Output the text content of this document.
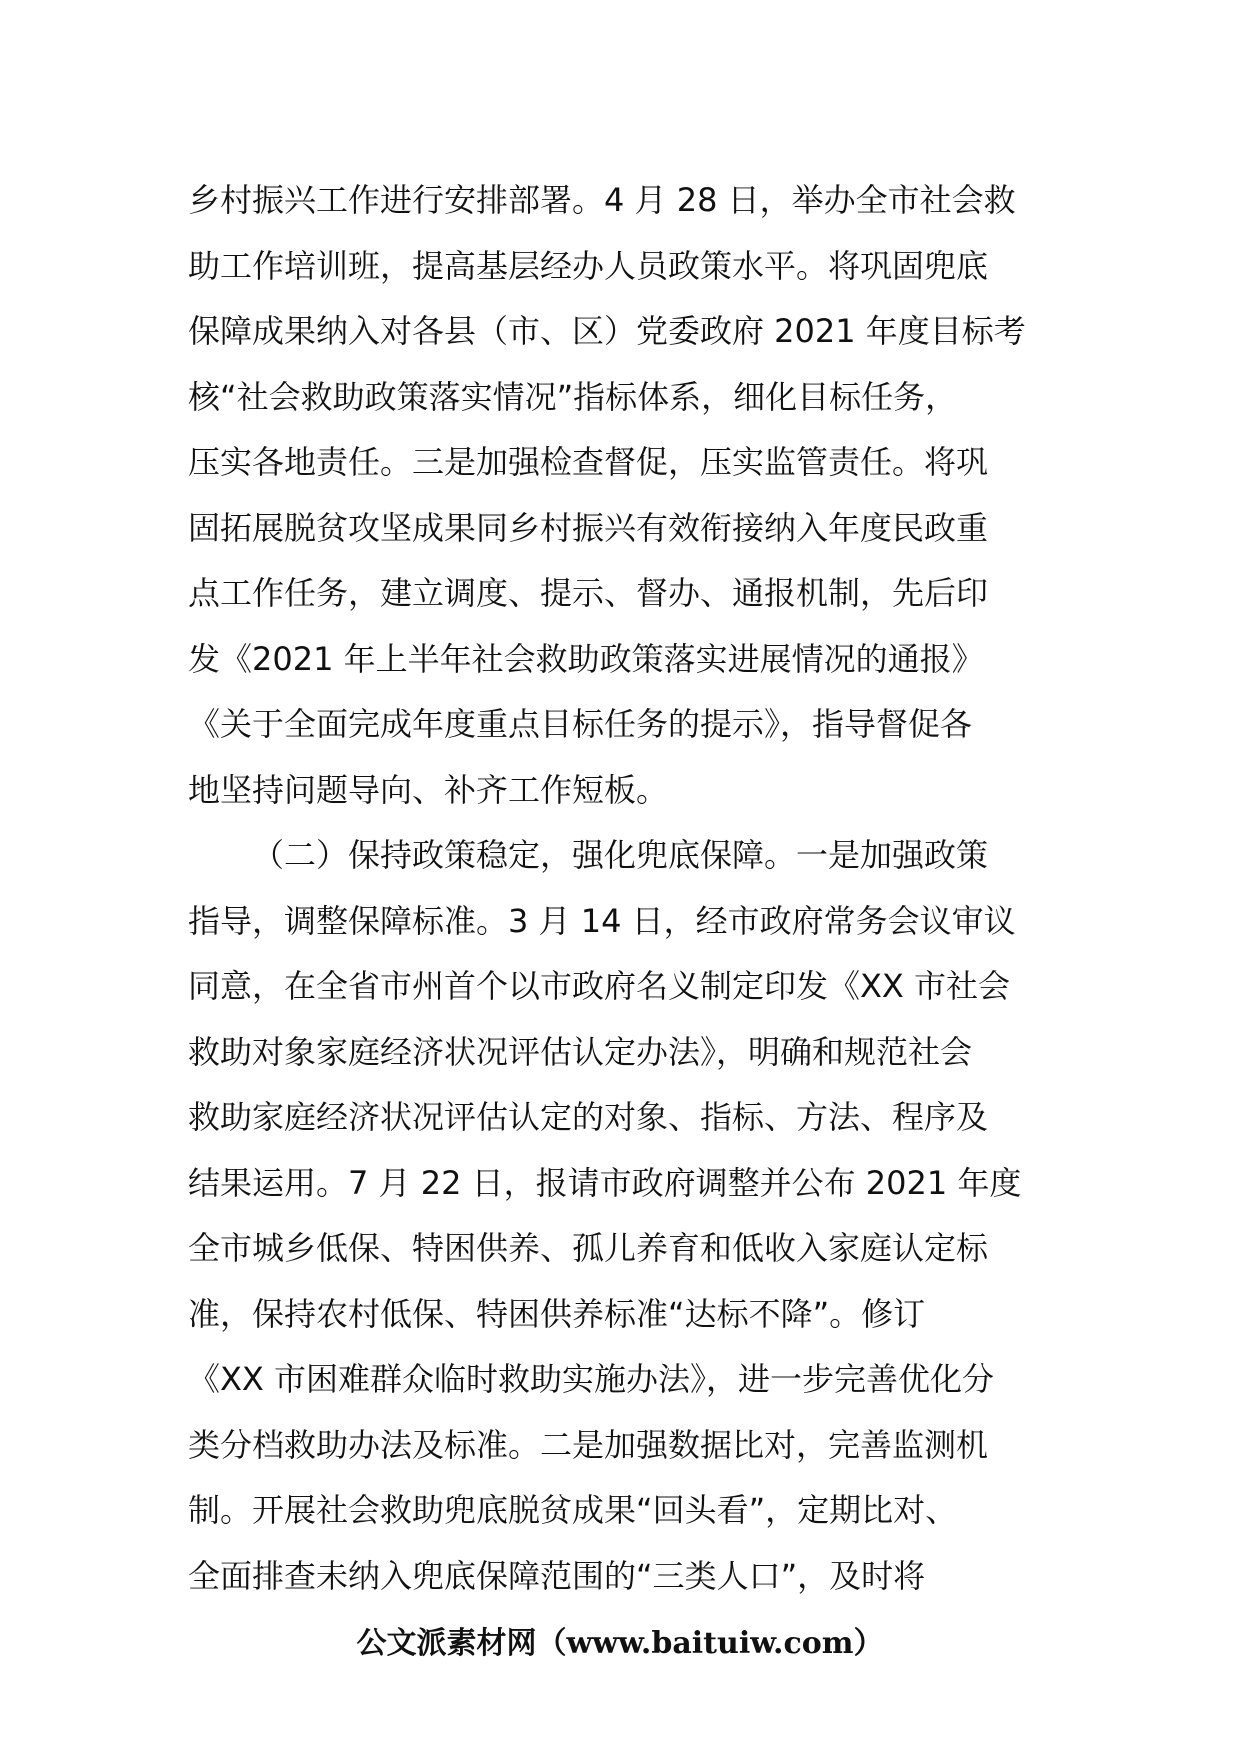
乡村振兴工作进行安排部署。4 月 28 日，举办全市社会救
助工作培训班，提高基层经办人员政策水平。将巩固兜底
保障成果纳入对各县（市、区）党委政府 2021 年度目标考
核“社会救助政策落实情况”指标体系，细化目标任务，
压实各地责任。三是加强检查督促，压实监管责任。将巩
固拓展脱贫攻坚成果同乡村振兴有效衔接纳入年度民政重
点工作任务，建立调度、提示、督办、通报机制，先后印
发《2021 年上半年社会救助政策落实进展情况的通报》
《关于全面完成年度重点目标任务的提示》，指导督促各
地坚持问题导向、补齐工作短板。
（二）保持政策稳定，强化兜底保障。一是加强政策
指导，调整保障标准。3 月 14 日，经市政府常务会议审议
同意，在全省市州首个以市政府名义制定印发《XX 市社会
救助对象家庭经济状况评估认定办法》，明确和规范社会
救助家庭经济状况评估认定的对象、指标、方法、程序及
结果运用。7 月 22 日，报请市政府调整并公布 2021 年度
全市城乡低保、特困供养、孤儿养育和低收入家庭认定标
准，保持农村低保、特困供养标准“达标不降”。修订
《XX 市困难群众临时救助实施办法》，进一步完善优化分
类分档救助办法及标准。二是加强数据比对，完善监测机
制。开展社会救助兜底脱贫成果“回头看”，定期比对、
全面排查未纳入兜底保障范围的“三类人口”，及时将
公文派素材网（www.baituiw.com）
